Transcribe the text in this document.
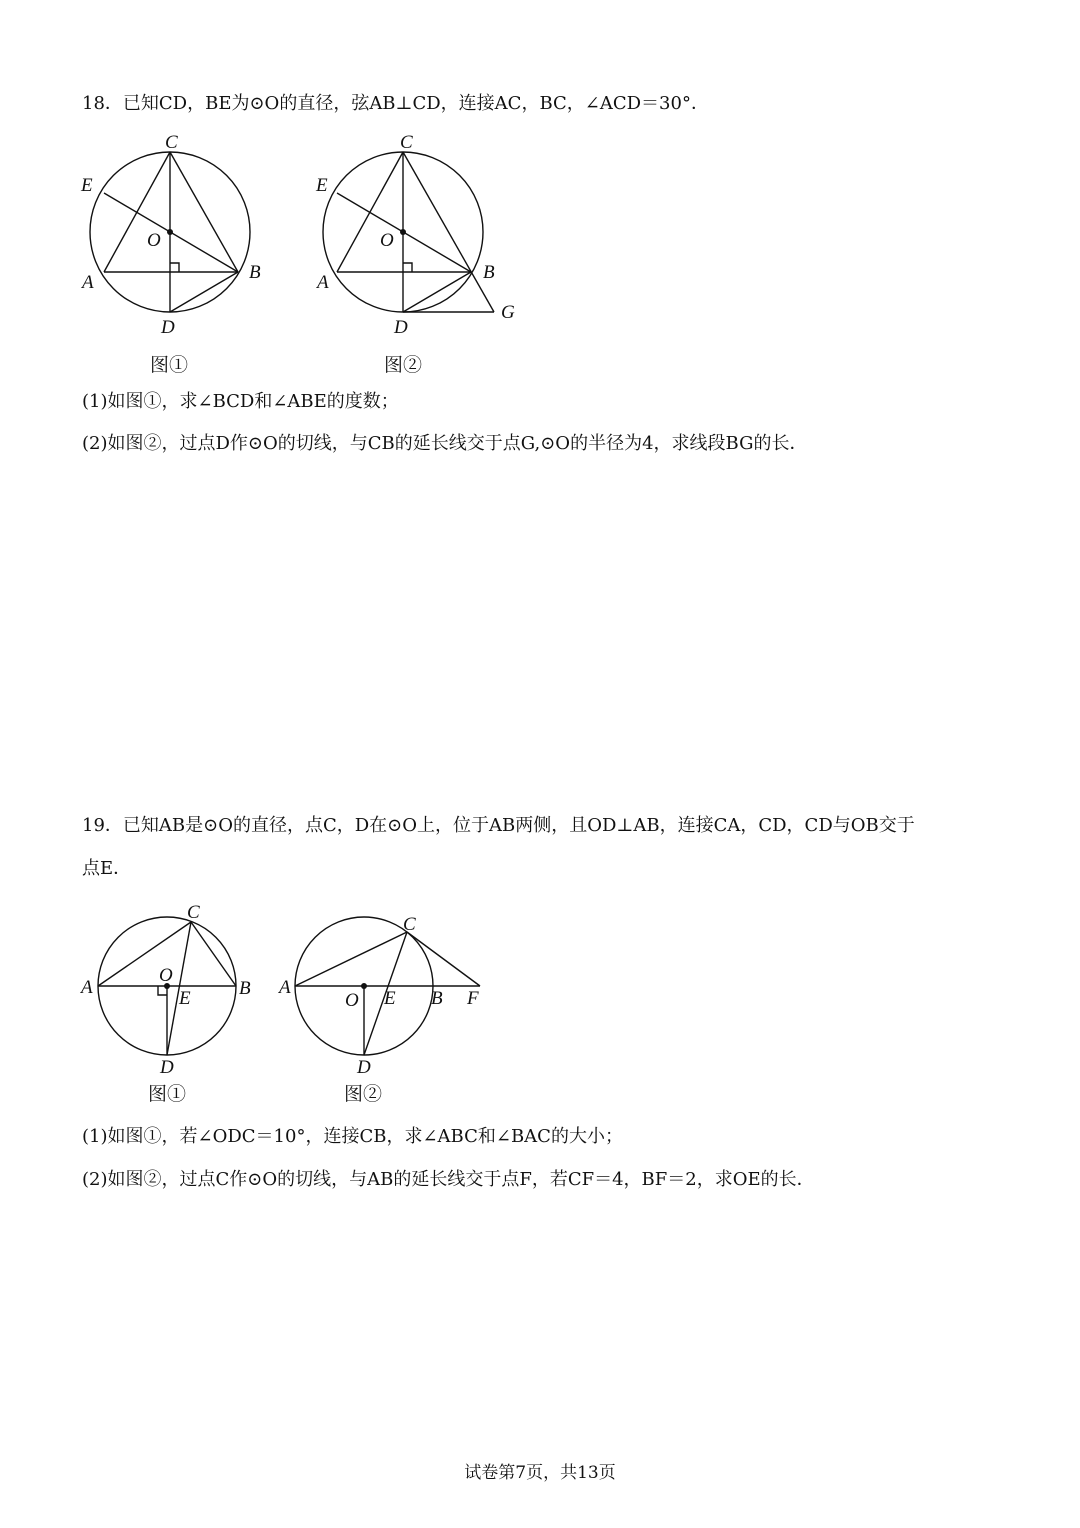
18．已知CD，BE为⊙O的直径，弦AB⊥CD，连接AC，BC，∠ACD＝30°．
C
E
O
A	B
D
图①
C
E
O
A	B
G
D
图②
(1)如图①，求∠BCD和∠ABE的度数；
(2)如图②，过点D作⊙O的切线，与CB的延长线交于点G,⊙O的半径为4，求线段BG的长．
19．已知AB是⊙O的直径，点C，D在⊙O上，位于AB两侧，且OD⊥AB，连接CA，CD，CD与OB交于
点E．
C
O
A	B
E
D
图①
C
A
O E B F
D
图②
(1)如图①，若∠ODC＝10°，连接CB，求∠ABC和∠BAC的大小；
(2)如图②，过点C作⊙O的切线，与AB的延长线交于点F，若CF＝4，BF＝2，求OE的长．
试卷第7页，共13页
